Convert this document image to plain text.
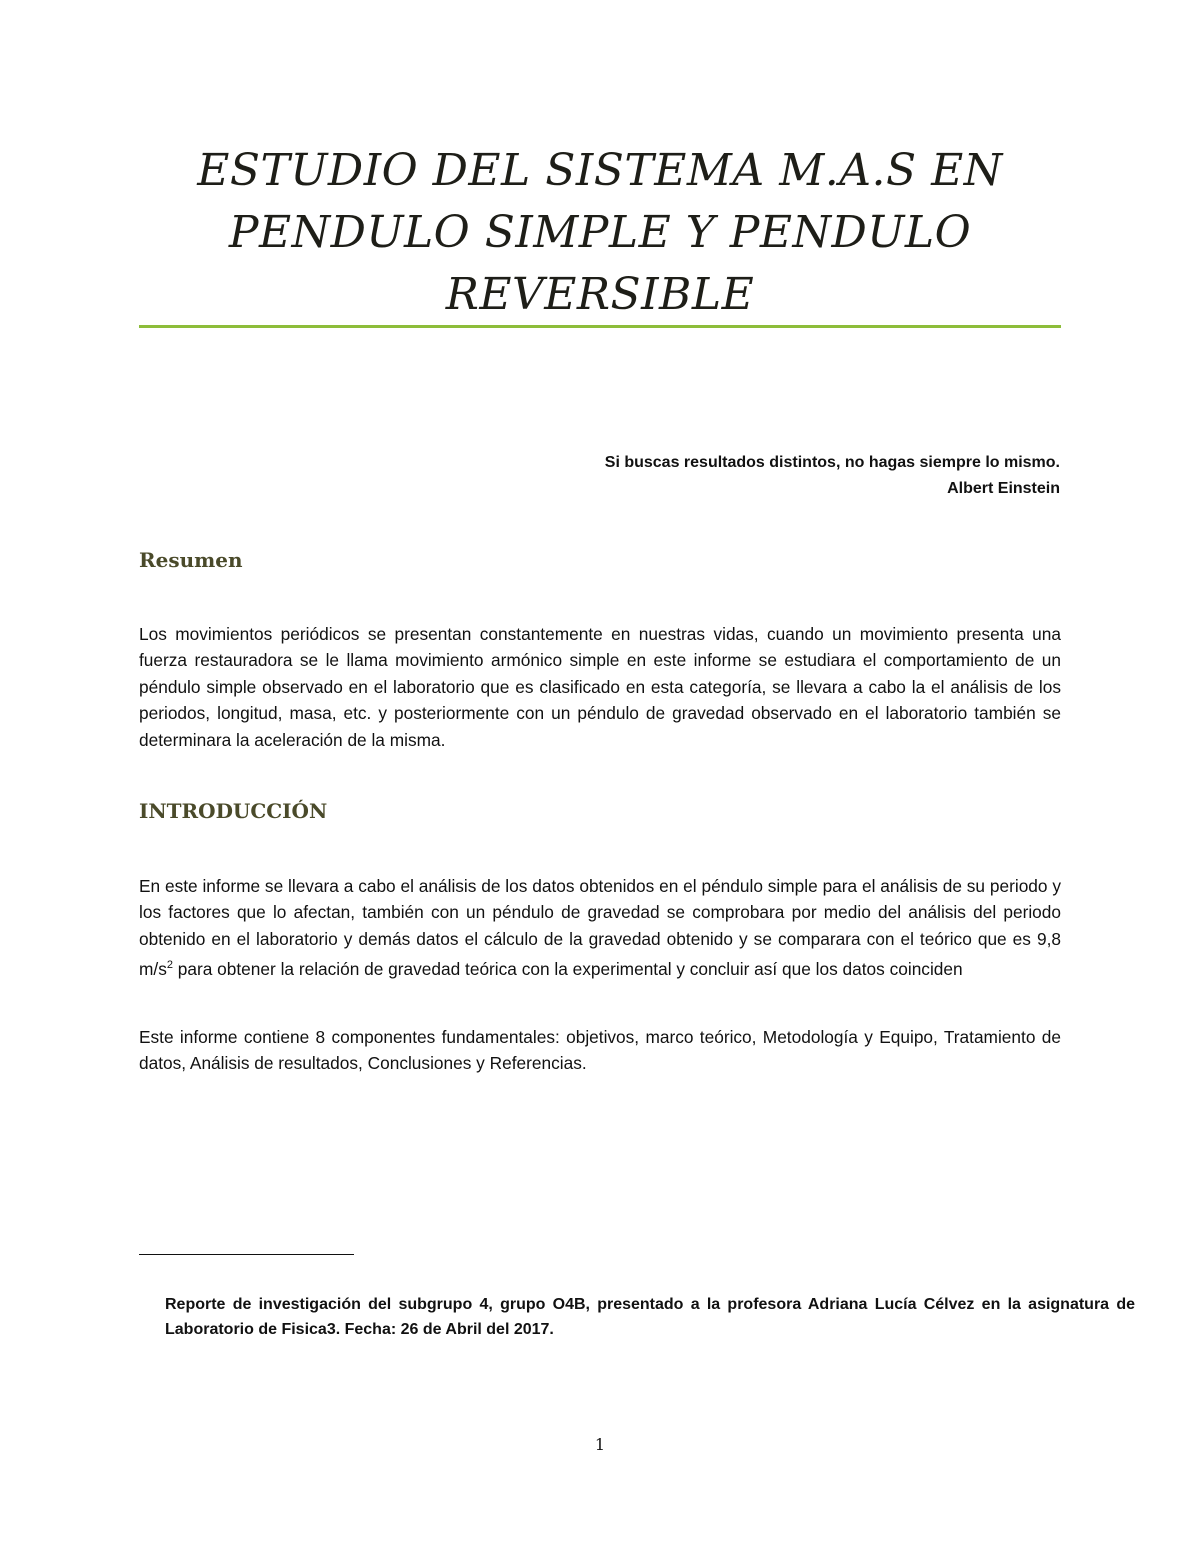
ESTUDIO DEL SISTEMA M.A.S EN
PENDULO SIMPLE Y PENDULO
REVERSIBLE
Si buscas resultados distintos, no hagas siempre lo mismo.
Albert Einstein
Resumen

Los movimientos periódicos se presentan constantemente en nuestras vidas, cuando un movimiento presenta una fuerza restauradora se le llama movimiento armónico simple en este informe se estudiara el comportamiento de un péndulo simple observado en el laboratorio que es clasificado en esta categoría, se llevara a cabo la el análisis de los periodos, longitud, masa, etc. y posteriormente con un péndulo de gravedad observado en el laboratorio también se determinara la aceleración de la misma.

INTRODUCCIÓN

En este informe se llevara a cabo el análisis de los datos obtenidos en el péndulo simple para el análisis de su periodo y los factores que lo afectan, también con un péndulo de gravedad se comprobara por medio del análisis del periodo obtenido en el laboratorio y demás datos el cálculo de la gravedad obtenido y se comparara con el teórico que es 9,8 $m/s^2$ para obtener la relación de gravedad teórica con la experimental y concluir así que los datos coinciden

Este informe contiene 8 componentes fundamentales: objetivos, marco teórico, Metodología y Equipo, Tratamiento de datos, Análisis de resultados, Conclusiones y Referencias.

Reporte de investigación del subgrupo 4, grupo O4B, presentado a la profesora Adriana Lucía Célvez en la asignatura de Laboratorio de Fisica3. Fecha: 26 de Abril del 2017.

1
